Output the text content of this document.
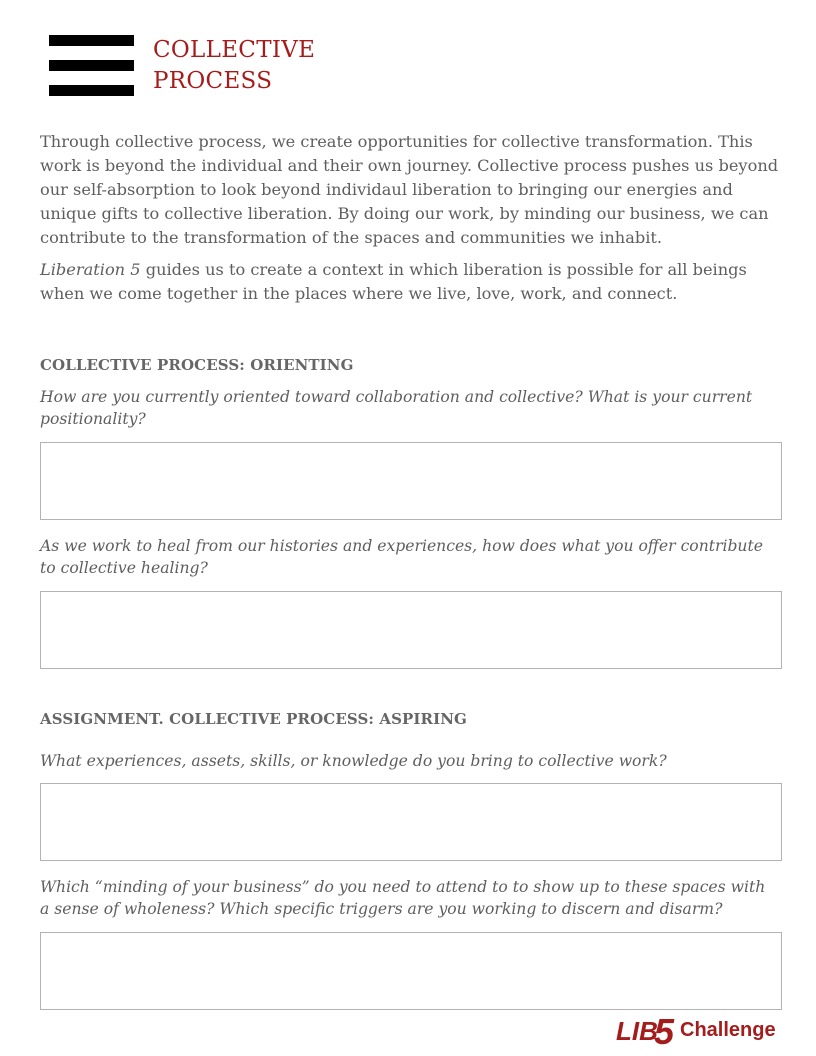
COLLECTIVE
PROCESS

Through collective process, we create opportunities for collective transformation. This work is beyond the individual and their own journey. Collective process pushes us beyond our self-absorption to look beyond individaul liberation to bringing our energies and unique gifts to collective liberation. By doing our work, by minding our business, we can contribute to the transformation of the spaces and communities we inhabit.

Liberation 5 guides us to create a context in which liberation is possible for all beings when we come together in the places where we live, love, work, and connect.

COLLECTIVE PROCESS: ORIENTING
How are you currently oriented toward collaboration and collective? What is your current positionality?
As we work to heal from our histories and experiences, how does what you offer contribute to collective healing?
ASSIGNMENT. COLLECTIVE PROCESS: ASPIRING
What experiences, assets, skills, or knowledge do you bring to collective work?
Which “minding of your business” do you need to attend to to show up to these spaces with a sense of wholeness? Which specific triggers are you working to discern and disarm?
LIB
5 Challenge
